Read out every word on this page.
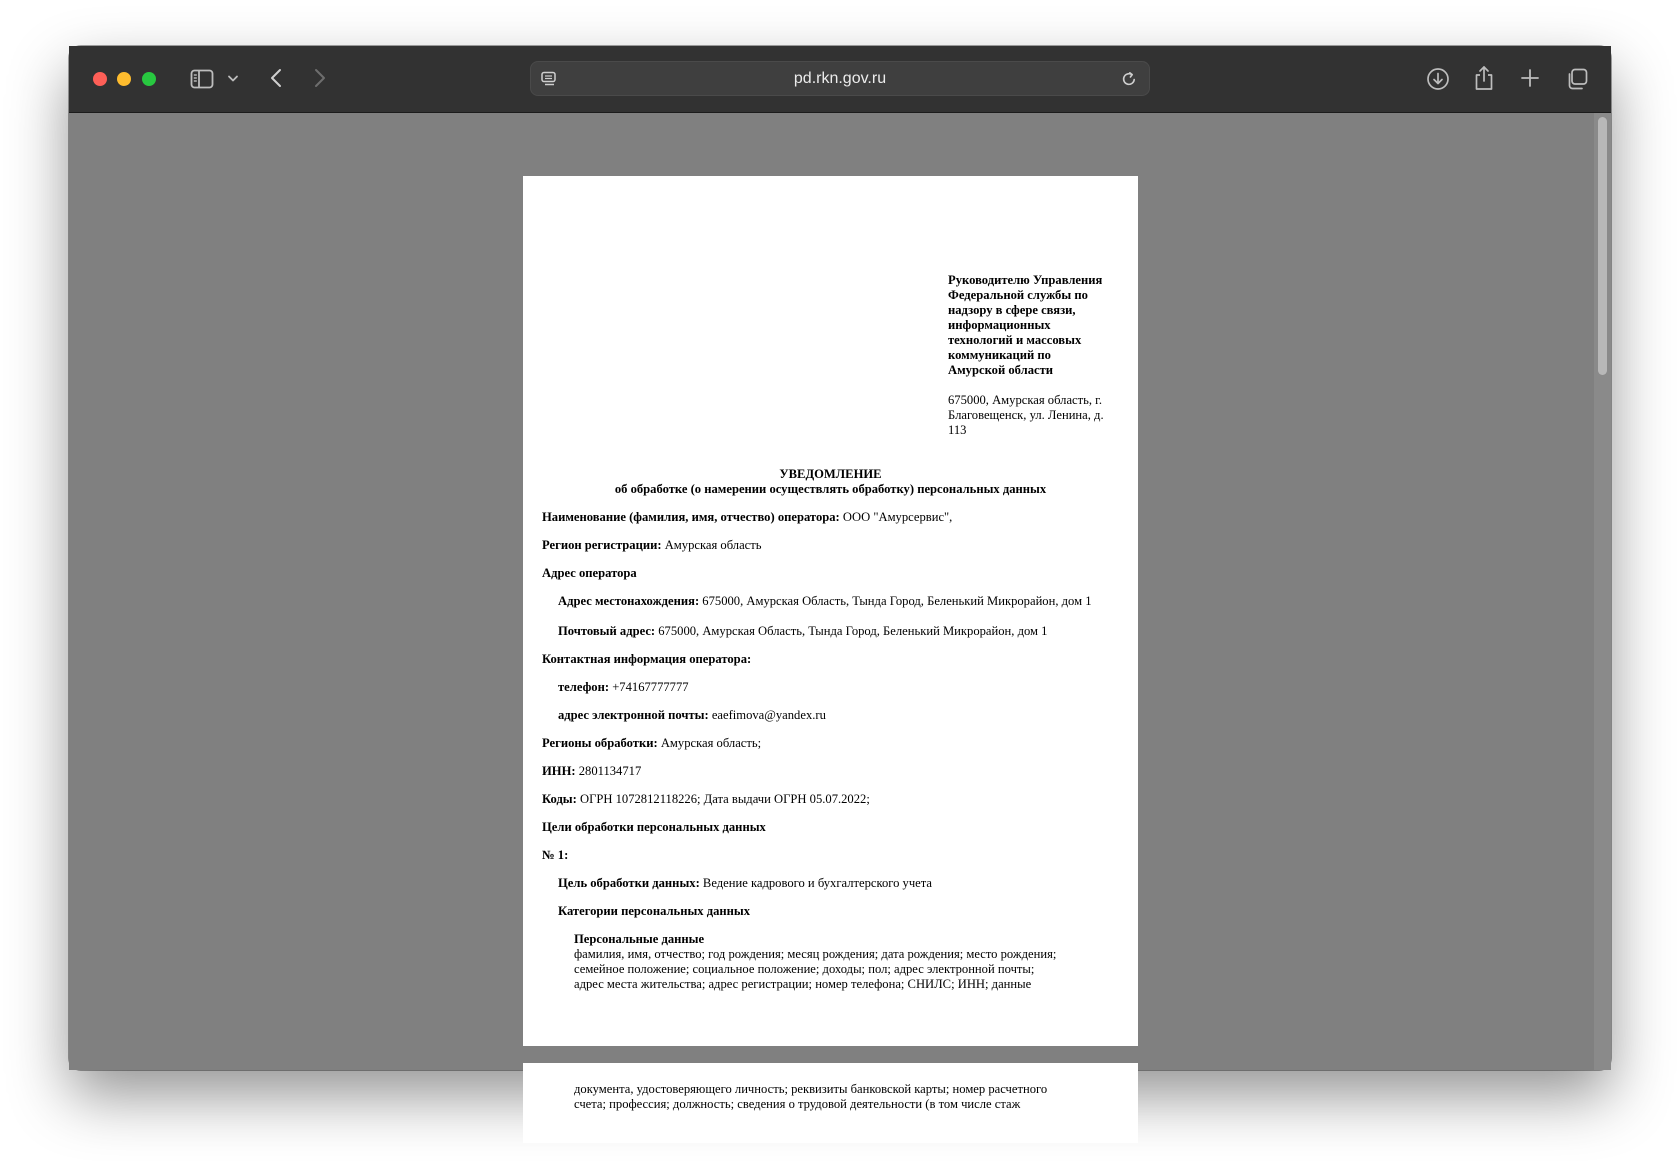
pd.rkn.gov.ru
Руководителю Управления
Федеральной службы по
надзору в сфере связи,
информационных
технологий и массовых
коммуникаций по
Амурской области
675000, Амурская область, г.
Благовещенск, ул. Ленина, д.
113
УВЕДОМЛЕНИЕ
об обработке (о намерении осуществлять обработку) персональных данных
Наименование (фамилия, имя, отчество) оператора: ООО "Амурсервис",
Регион регистрации: Амурская область
Адрес оператора
Адрес местонахождения: 675000, Амурская Область, Тында Город, Беленький Микрорайон, дом 1
Почтовый адрес: 675000, Амурская Область, Тында Город, Беленький Микрорайон, дом 1
Контактная информация оператора:
телефон: +74167777777
адрес электронной почты: eaefimova@yandex.ru
Регионы обработки: Амурская область;
ИНН: 2801134717
Коды: ОГРН 1072812118226; Дата выдачи ОГРН 05.07.2022;
Цели обработки персональных данных
№ 1:
Цель обработки данных: Ведение кадрового и бухгалтерского учета
Категории персональных данных
Персональные данные
фамилия, имя, отчество; год рождения; месяц рождения; дата рождения; место рождения;
семейное положение; социальное положение; доходы; пол; адрес электронной почты;
адрес места жительства; адрес регистрации; номер телефона; СНИЛС; ИНН; данные
документа, удостоверяющего личность; реквизиты банковской карты; номер расчетного
счета; профессия; должность; сведения о трудовой деятельности (в том числе стаж
